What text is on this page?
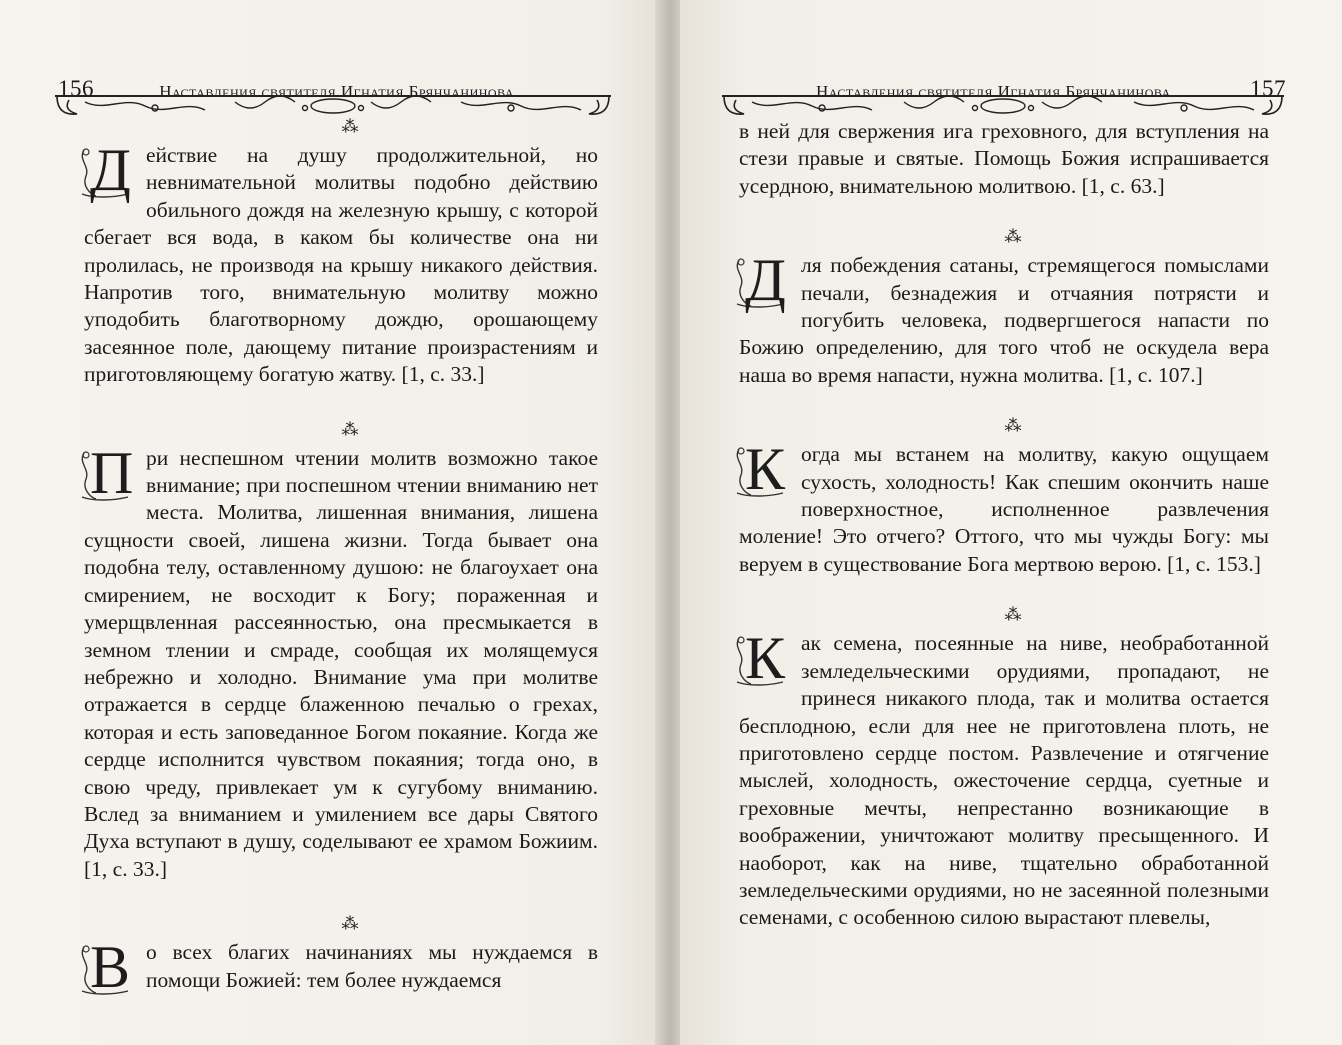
156	Наставления святителя Игнатия Брянчанинова
⁂

Д ействие на душу продолжительной, но невнимательной молитвы подобно действию обильного дождя на железную крышу, с которой сбегает вся вода, в каком бы количестве она ни пролилась, не производя на крышу никакого действия. Напротив того, внимательную молитву можно уподобить благотворному дождю, орошающему засеянное поле, дающему питание произрастениям и приготовляющему богатую жатву. [1, с. 33.]

⁂

П ри неспешном чтении молитв возможно такое внимание; при поспешном чтении вниманию нет места. Молитва, лишенная внимания, лишена сущности своей, лишена жизни. Тогда бывает она подобна телу, оставленному душою: не благоухает она смирением, не восходит к Богу; пораженная и умерщвленная рассеянностью, она пресмыкается в земном тлении и смраде, сообщая их молящемуся небрежно и холодно. Внимание ума при молитве отражается в сердце блаженною печалью о грехах, которая и есть заповеданное Богом покаяние. Когда же сердце исполнится чувством покаяния; тогда оно, в свою чреду, привлекает ум к сугубому вниманию. Вслед за вниманием и умилением все дары Святого Духа вступают в душу, соделывают ее храмом Божиим. [1, с. 33.]

⁂

В о всех благих начинаниях мы нуждаемся в помощи Божией: тем более нуждаемся

Наставления святителя Игнатия Брянчанинова	157

в ней для свержения ига греховного, для вступления на стези правые и святые. Помощь Божия испрашивается усердною, внимательною молитвою. [1, с. 63.]

⁂

Д ля побеждения сатаны, стремящегося помыслами печали, безнадежия и отчаяния потрясти и погубить человека, подвергшегося напасти по Божию определению, для того чтоб не оскудела вера наша во время напасти, нужна молитва. [1, с. 107.]

⁂

К огда мы встанем на молитву, какую ощущаем сухость, холодность! Как спешим окончить наше поверхностное, исполненное развлечения моление! Это отчего? Оттого, что мы чужды Богу: мы веруем в существование Бога мертвою верою. [1, с. 153.]

⁂

К ак семена, посеянные на ниве, необработанной земледельческими орудиями, пропадают, не принеся никакого плода, так и молитва остается бесплодною, если для нее не приготовлена плоть, не приготовлено сердце постом. Развлечение и отягчение мыслей, холодность, ожесточение сердца, суетные и греховные мечты, непрестанно возникающие в воображении, уничтожают молитву пресыщенного. И наоборот, как на ниве, тщательно обработанной земледельческими орудиями, но не засеянной полезными семенами, с особенною силою вырастают плевелы,
